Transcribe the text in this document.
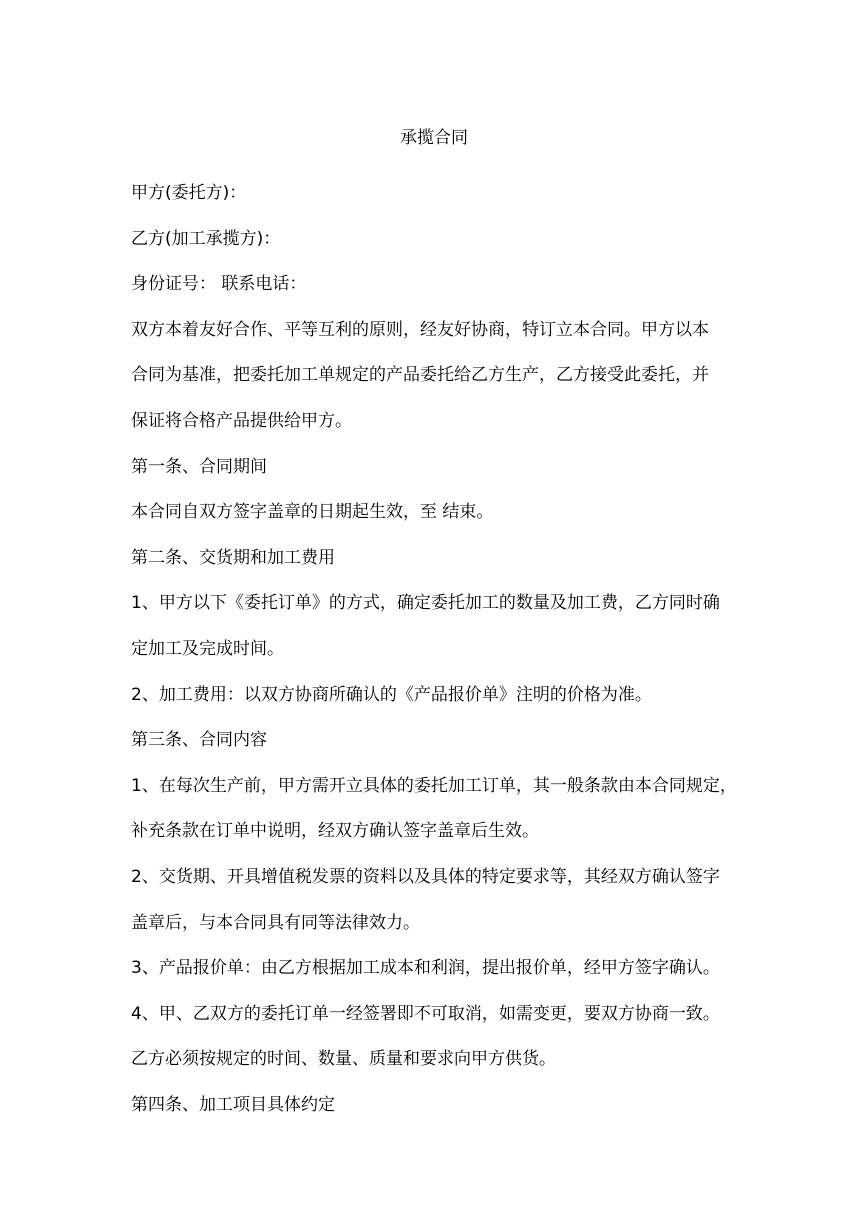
承揽合同
甲方(委托方)：
乙方(加工承揽方)：
身份证号： 联系电话：
双方本着友好合作、平等互利的原则，经友好协商，特订立本合同。甲方以本
合同为基准，把委托加工单规定的产品委托给乙方生产，乙方接受此委托，并
保证将合格产品提供给甲方。
第一条、合同期间
本合同自双方签字盖章的日期起生效，至 结束。
第二条、交货期和加工费用
1、甲方以下《委托订单》的方式，确定委托加工的数量及加工费，乙方同时确
定加工及完成时间。
2、加工费用：以双方协商所确认的《产品报价单》注明的价格为准。
第三条、合同内容
1、在每次生产前，甲方需开立具体的委托加工订单，其一般条款由本合同规定，
补充条款在订单中说明，经双方确认签字盖章后生效。
2、交货期、开具增值税发票的资料以及具体的特定要求等，其经双方确认签字
盖章后，与本合同具有同等法律效力。
3、产品报价单：由乙方根据加工成本和利润，提出报价单，经甲方签字确认。
4、甲、乙双方的委托订单一经签署即不可取消，如需变更，要双方协商一致。
乙方必须按规定的时间、数量、质量和要求向甲方供货。
第四条、加工项目具体约定
